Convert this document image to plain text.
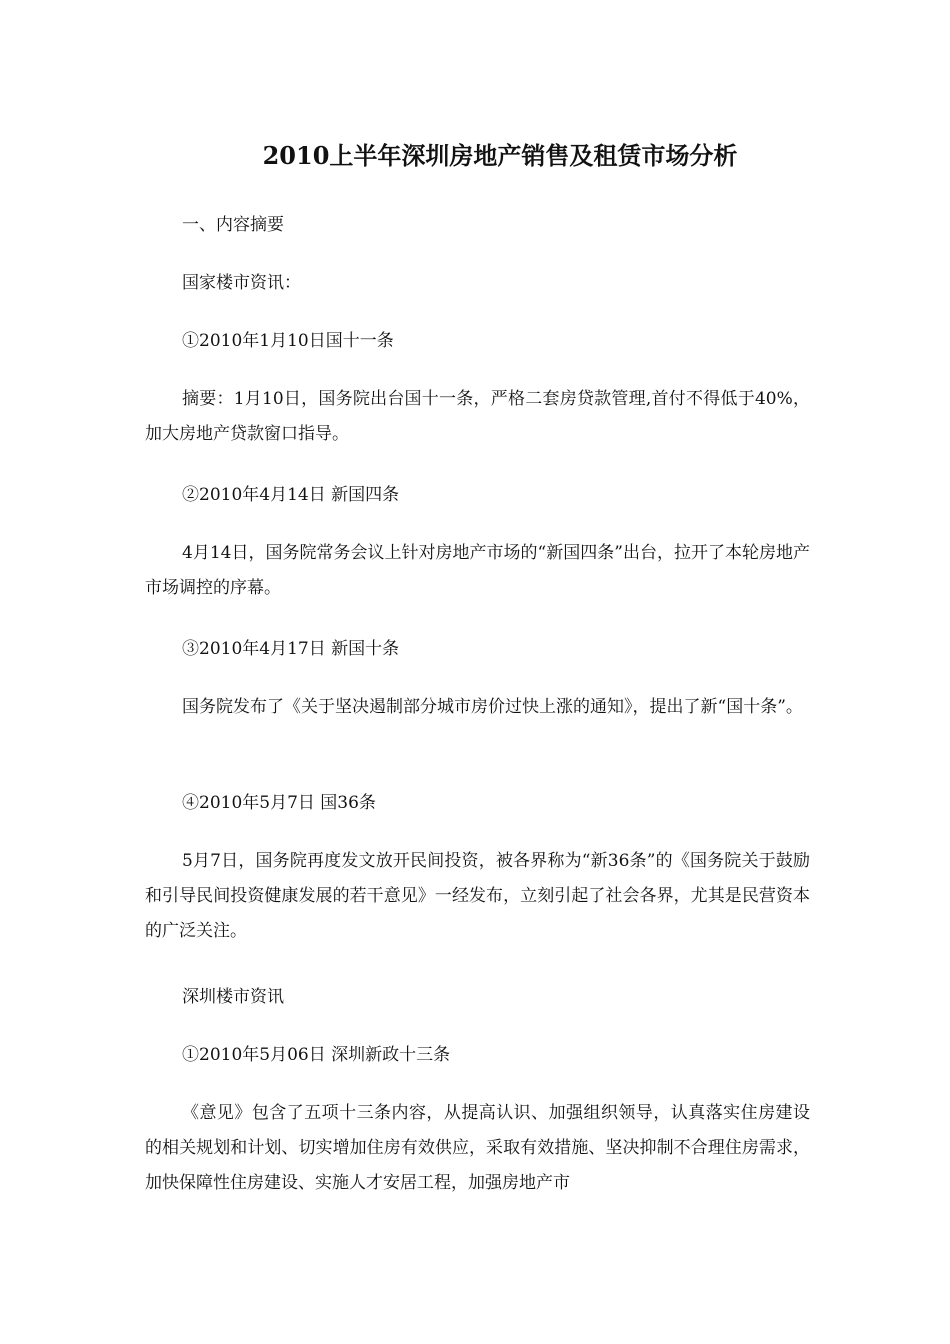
2010上半年深圳房地产销售及租赁市场分析
一、内容摘要
国家楼市资讯：
①2010年1月10日国十一条
摘要：1月10日，国务院出台国十一条，严格二套房贷款管理,首付不得低于40%，加大房地产贷款窗口指导。
②2010年4月14日 新国四条
4月14日，国务院常务会议上针对房地产市场的“新国四条”出台，拉开了本轮房地产市场调控的序幕。
③2010年4月17日 新国十条
国务院发布了《关于坚决遏制部分城市房价过快上涨的通知》，提出了新“国十条”。
④2010年5月7日 国36条
5月7日，国务院再度发文放开民间投资，被各界称为“新36条”的《国务院关于鼓励和引导民间投资健康发展的若干意见》一经发布，立刻引起了社会各界，尤其是民营资本的广泛关注。
深圳楼市资讯
①2010年5月06日 深圳新政十三条
《意见》包含了五项十三条内容，从提高认识、加强组织领导，认真落实住房建设的相关规划和计划、切实增加住房有效供应，采取有效措施、坚决抑制不合理住房需求，加快保障性住房建设、实施人才安居工程，加强房地产市
